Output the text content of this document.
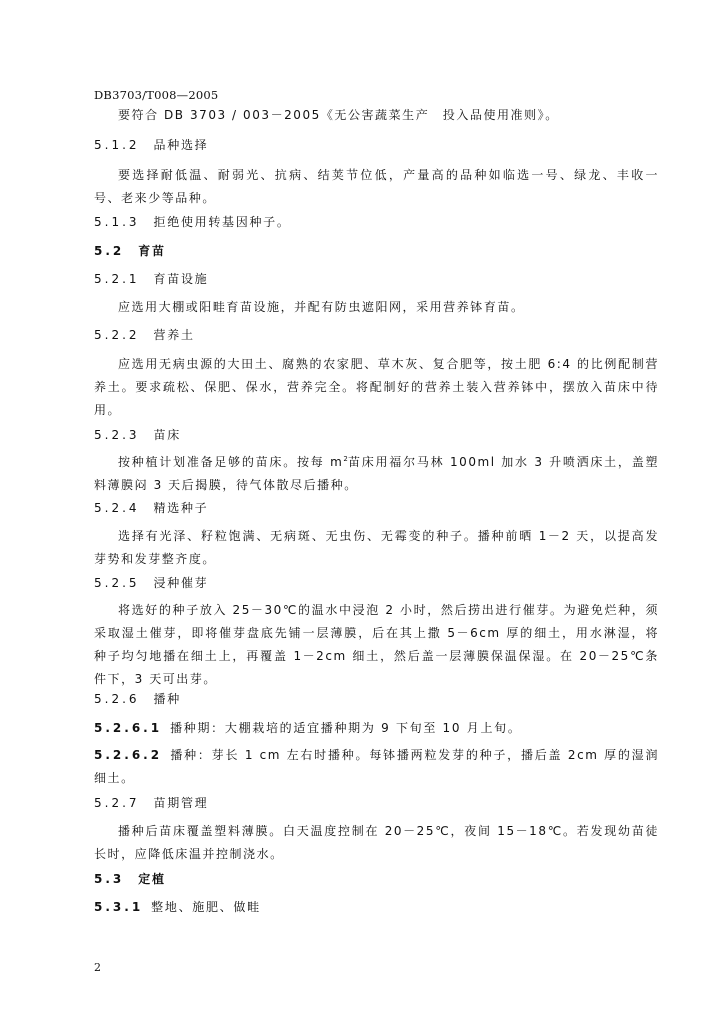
DB3703/T008—2005
要符合 DB 3703 / 003－2005《无公害蔬菜生产　投入品使用准则》。
5.1.2 品种选择
要选择耐低温、耐弱光、抗病、结荚节位低，产量高的品种如临选一号、绿龙、丰收一号、老来少等品种。
5.1.3 拒绝使用转基因种子。
5.2 育苗
5.2.1 育苗设施
应选用大棚或阳畦育苗设施，并配有防虫遮阳网，采用营养钵育苗。
5.2.2 营养土
应选用无病虫源的大田土、腐熟的农家肥、草木灰、复合肥等，按土肥 6:4 的比例配制营养土。要求疏松、保肥、保水，营养完全。将配制好的营养土装入营养钵中，摆放入苗床中待用。
5.2.3 苗床
按种植计划准备足够的苗床。按每 $m^2$苗床用福尔马林 100ml 加水 3 升喷洒床土，盖塑料薄膜闷 3 天后揭膜，待气体散尽后播种。
5.2.4 精选种子
选择有光泽、籽粒饱满、无病斑、无虫伤、无霉变的种子。播种前晒 1－2 天，以提高发芽势和发芽整齐度。
5.2.5 浸种催芽
将选好的种子放入 25－30℃的温水中浸泡 2 小时，然后捞出进行催芽。为避免烂种，须采取湿土催芽，即将催芽盘底先铺一层薄膜，后在其上撒 5－6cm 厚的细土，用水淋湿，将种子均匀地播在细土上，再覆盖 1－2cm 细土，然后盖一层薄膜保温保湿。在 20－25℃条件下，3 天可出芽。
5.2.6 播种
5.2.6.1 播种期：大棚栽培的适宜播种期为 9 下旬至 10 月上旬。
5.2.6.2 播种：芽长 1 cm 左右时播种。每钵播两粒发芽的种子，播后盖 2cm 厚的湿润细土。
5.2.7 苗期管理
播种后苗床覆盖塑料薄膜。白天温度控制在 20－25℃，夜间 15－18℃。若发现幼苗徒长时，应降低床温并控制浇水。
5.3 定植
5.3.1 整地、施肥、做畦
2
